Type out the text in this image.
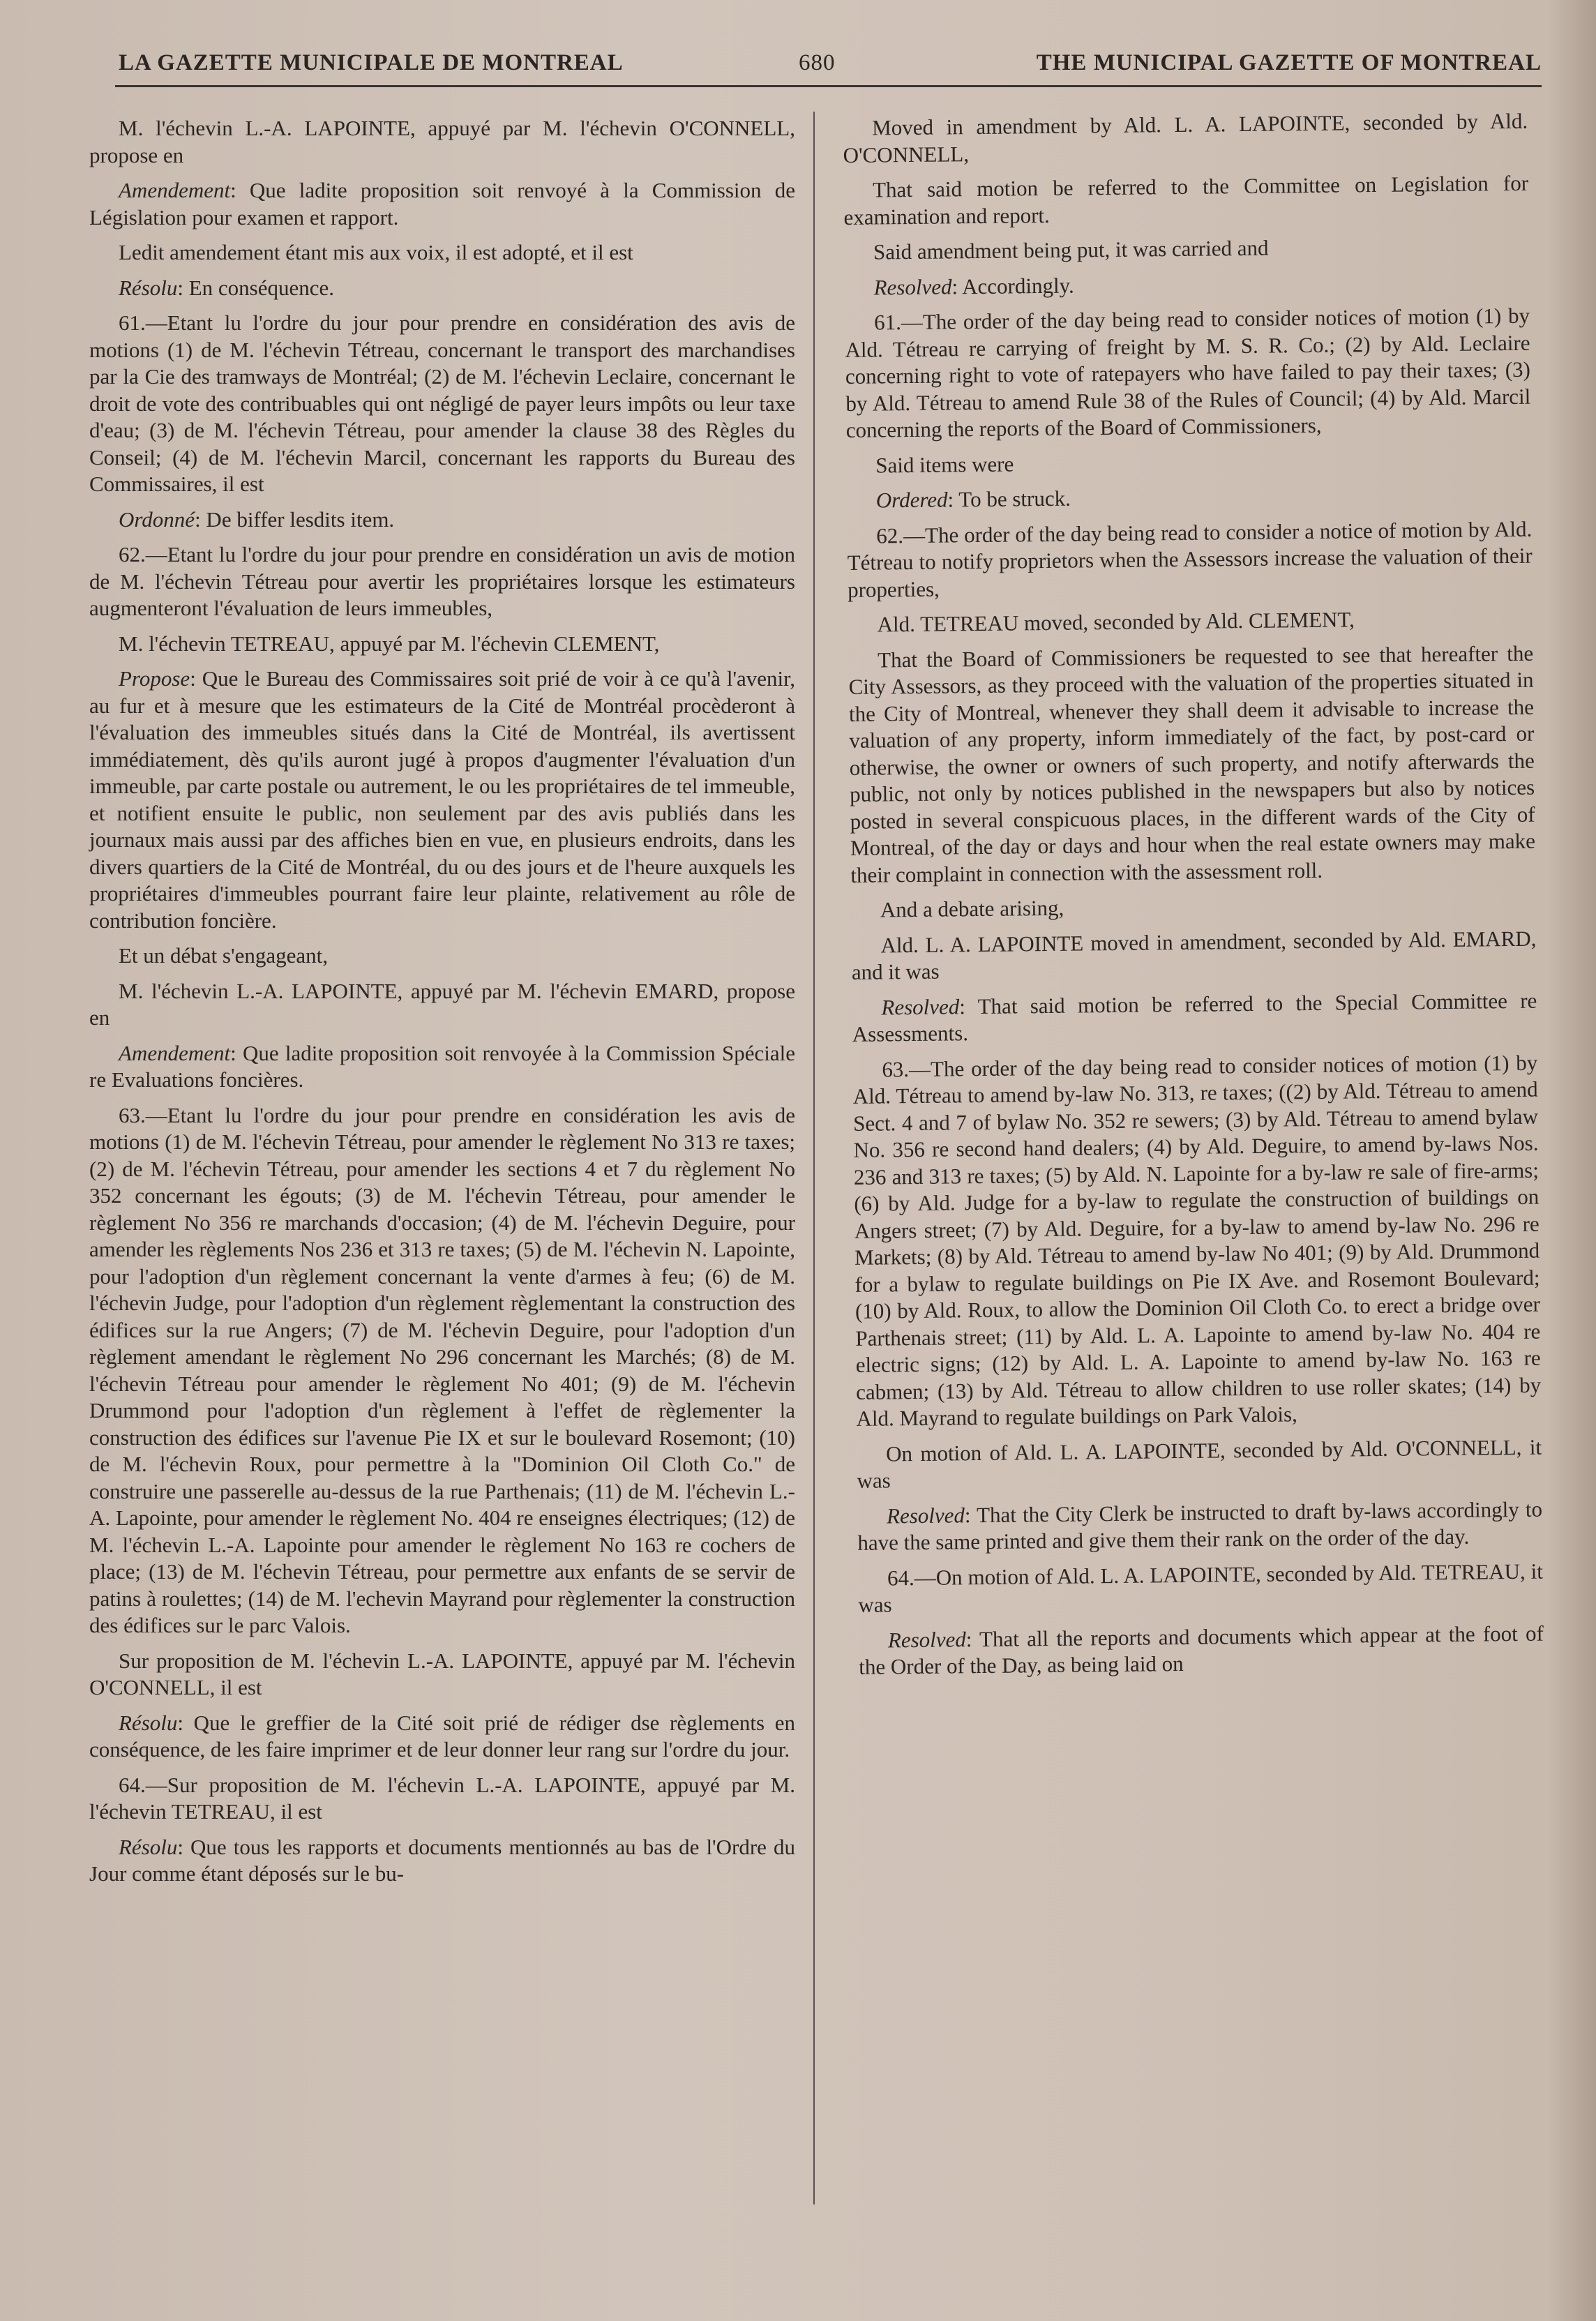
LA GAZETTE MUNICIPALE DE MONTREAL	680	THE MUNICIPAL GAZETTE OF MONTREAL

M. l'échevin L.-A. LAPOINTE, appuyé par M. l'échevin O'CONNELL, propose en

Amendement: Que ladite proposition soit renvoyé à la Commission de Législation pour examen et rapport.

Ledit amendement étant mis aux voix, il est adopté, et il est

Résolu: En conséquence.

61.—Etant lu l'ordre du jour pour prendre en considération des avis de motions (1) de M. l'échevin Tétreau, concernant le transport des marchandises par la Cie des tramways de Montréal; (2) de M. l'échevin Leclaire, concernant le droit de vote des contribuables qui ont négligé de payer leurs impôts ou leur taxe d'eau; (3) de M. l'échevin Tétreau, pour amender la clause 38 des Règles du Conseil; (4) de M. l'échevin Marcil, concernant les rapports du Bureau des Commissaires, il est

Ordonné: De biffer lesdits item.

62.—Etant lu l'ordre du jour pour prendre en considération un avis de motion de M. l'échevin Tétreau pour avertir les propriétaires lorsque les estimateurs augmenteront l'évaluation de leurs immeubles,

M. l'échevin TETREAU, appuyé par M. l'échevin CLEMENT,

Propose: Que le Bureau des Commissaires soit prié de voir à ce qu'à l'avenir, au fur et à mesure que les estimateurs de la Cité de Montréal procèderont à l'évaluation des immeubles situés dans la Cité de Montréal, ils avertissent immédiatement, dès qu'ils auront jugé à propos d'augmenter l'évaluation d'un immeuble, par carte postale ou autrement, le ou les propriétaires de tel immeuble, et notifient ensuite le public, non seulement par des avis publiés dans les journaux mais aussi par des affiches bien en vue, en plusieurs endroits, dans les divers quartiers de la Cité de Montréal, du ou des jours et de l'heure auxquels les propriétaires d'immeubles pourrant faire leur plainte, relativement au rôle de contribution foncière.

Et un débat s'engageant,

M. l'échevin L.-A. LAPOINTE, appuyé par M. l'échevin EMARD, propose en

Amendement: Que ladite proposition soit renvoyée à la Commission Spéciale re Evaluations foncières.

63.—Etant lu l'ordre du jour pour prendre en considération les avis de motions (1) de M. l'échevin Tétreau, pour amender le règlement No 313 re taxes; (2) de M. l'échevin Tétreau, pour amender les sections 4 et 7 du règlement No 352 concernant les égouts; (3) de M. l'échevin Tétreau, pour amender le règlement No 356 re marchands d'occasion; (4) de M. l'échevin Deguire, pour amender les règlements Nos 236 et 313 re taxes; (5) de M. l'échevin N. Lapointe, pour l'adoption d'un règlement concernant la vente d'armes à feu; (6) de M. l'échevin Judge, pour l'adoption d'un règlement règlementant la construction des édifices sur la rue Angers; (7) de M. l'échevin Deguire, pour l'adoption d'un règlement amendant le règlement No 296 concernant les Marchés; (8) de M. l'échevin Tétreau pour amender le règlement No 401; (9) de M. l'échevin Drummond pour l'adoption d'un règlement à l'effet de règlementer la construction des édifices sur l'avenue Pie IX et sur le boulevard Rosemont; (10) de M. l'échevin Roux, pour permettre à la "Dominion Oil Cloth Co." de construire une passerelle au-dessus de la rue Parthenais; (11) de M. l'échevin L.-A. Lapointe, pour amender le règlement No. 404 re enseignes électriques; (12) de M. l'échevin L.-A. Lapointe pour amender le règlement No 163 re cochers de place; (13) de M. l'échevin Tétreau, pour permettre aux enfants de se servir de patins à roulettes; (14) de M. l'echevin Mayrand pour règlementer la construction des édifices sur le parc Valois.

Sur proposition de M. l'échevin L.-A. LAPOINTE, appuyé par M. l'échevin O'CONNELL, il est

Résolu: Que le greffier de la Cité soit prié de rédiger dse règlements en conséquence, de les faire imprimer et de leur donner leur rang sur l'ordre du jour.

64.—Sur proposition de M. l'échevin L.-A. LAPOINTE, appuyé par M. l'échevin TETREAU, il est

Résolu: Que tous les rapports et documents mentionnés au bas de l'Ordre du Jour comme étant déposés sur le bu-

Moved in amendment by Ald. L. A. LAPOINTE, seconded by Ald. O'CONNELL,

That said motion be referred to the Committee on Legislation for examination and report.

Said amendment being put, it was carried and

Resolved: Accordingly.

61.—The order of the day being read to consider notices of motion (1) by Ald. Tétreau re carrying of freight by M. S. R. Co.; (2) by Ald. Leclaire concerning right to vote of ratepayers who have failed to pay their taxes; (3) by Ald. Tétreau to amend Rule 38 of the Rules of Council; (4) by Ald. Marcil concerning the reports of the Board of Commissioners,

Said items were

Ordered: To be struck.

62.—The order of the day being read to consider a notice of motion by Ald. Tétreau to notify proprietors when the Assessors increase the valuation of their properties,

Ald. TETREAU moved, seconded by Ald. CLEMENT,

That the Board of Commissioners be requested to see that hereafter the City Assessors, as they proceed with the valuation of the properties situated in the City of Montreal, whenever they shall deem it advisable to increase the valuation of any property, inform immediately of the fact, by post-card or otherwise, the owner or owners of such property, and notify afterwards the public, not only by notices published in the newspapers but also by notices posted in several conspicuous places, in the different wards of the City of Montreal, of the day or days and hour when the real estate owners may make their complaint in connection with the assessment roll.

And a debate arising,

Ald. L. A. LAPOINTE moved in amendment, seconded by Ald. EMARD, and it was

Resolved: That said motion be referred to the Special Committee re Assessments.

63.—The order of the day being read to consider notices of motion (1) by Ald. Tétreau to amend by-law No. 313, re taxes; ((2) by Ald. Tétreau to amend Sect. 4 and 7 of bylaw No. 352 re sewers; (3) by Ald. Tétreau to amend bylaw No. 356 re second hand dealers; (4) by Ald. Deguire, to amend by-laws Nos. 236 and 313 re taxes; (5) by Ald. N. Lapointe for a by-law re sale of fire-arms; (6) by Ald. Judge for a by-law to regulate the construction of buildings on Angers street; (7) by Ald. Deguire, for a by-law to amend by-law No. 296 re Markets; (8) by Ald. Tétreau to amend by-law No 401; (9) by Ald. Drummond for a bylaw to regulate buildings on Pie IX Ave. and Rosemont Boulevard; (10) by Ald. Roux, to allow the Dominion Oil Cloth Co. to erect a bridge over Parthenais street; (11) by Ald. L. A. Lapointe to amend by-law No. 404 re electric signs; (12) by Ald. L. A. Lapointe to amend by-law No. 163 re cabmen; (13) by Ald. Tétreau to allow children to use roller skates; (14) by Ald. Mayrand to regulate buildings on Park Valois,

On motion of Ald. L. A. LAPOINTE, seconded by Ald. O'CONNELL, it was

Resolved: That the City Clerk be instructed to draft by-laws accordingly to have the same printed and give them their rank on the order of the day.

64.—On motion of Ald. L. A. LAPOINTE, seconded by Ald. TETREAU, it was

Resolved: That all the reports and documents which appear at the foot of the Order of the Day, as being laid on
